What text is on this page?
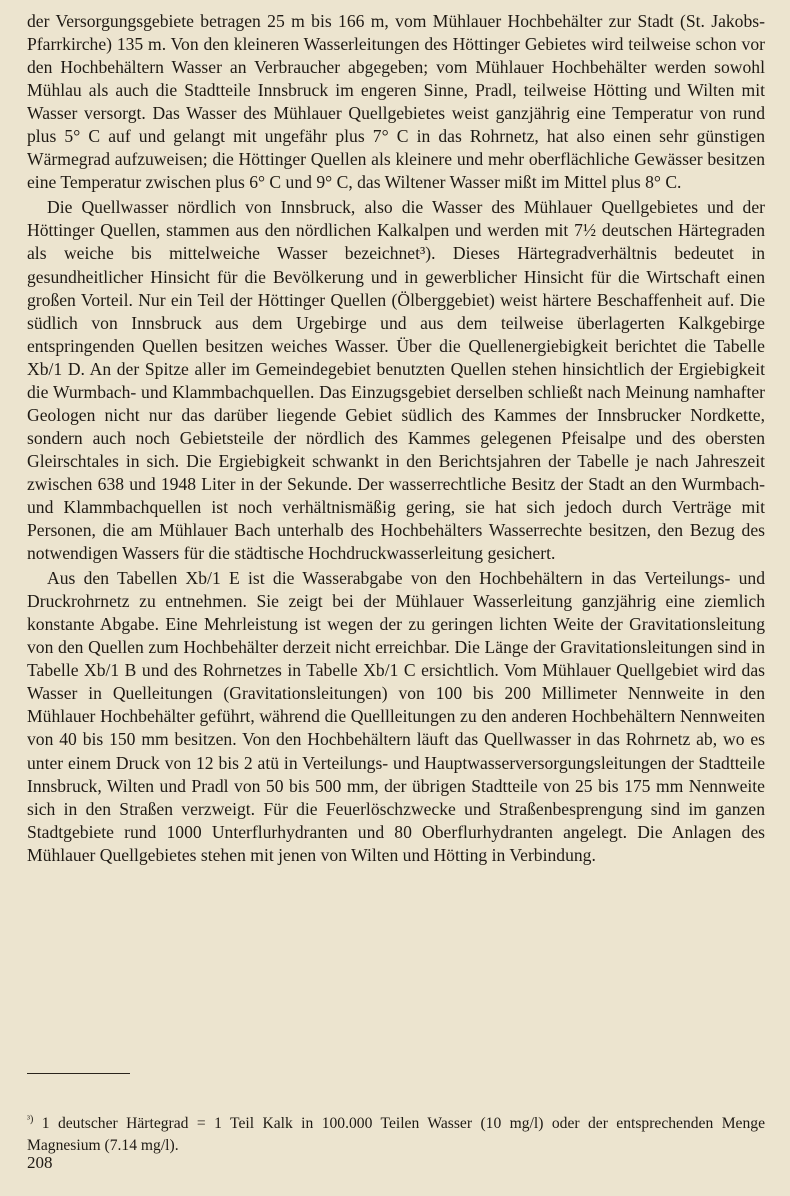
der Versorgungsgebiete betragen 25 m bis 166 m, vom Mühlauer Hochbehälter zur Stadt (St. Jakobs-Pfarrkirche) 135 m. Von den kleineren Wasserleitungen des Höttinger Gebietes wird teilweise schon vor den Hochbehältern Wasser an Verbraucher abgegeben; vom Mühlauer Hochbehälter werden sowohl Mühlau als auch die Stadtteile Innsbruck im engeren Sinne, Pradl, teilweise Hötting und Wilten mit Wasser versorgt. Das Wasser des Mühlauer Quellgebietes weist ganzjährig eine Temperatur von rund plus 5° C auf und gelangt mit ungefähr plus 7° C in das Rohrnetz, hat also einen sehr günstigen Wärmegrad aufzuweisen; die Höttinger Quellen als kleinere und mehr oberflächliche Gewässer besitzen eine Temperatur zwischen plus 6° C und 9° C, das Wiltener Wasser mißt im Mittel plus 8° C.

Die Quellwasser nördlich von Innsbruck, also die Wasser des Mühlauer Quellgebietes und der Höttinger Quellen, stammen aus den nördlichen Kalkalpen und werden mit 7½ deutschen Härtegraden als weiche bis mittelweiche Wasser bezeichnet³). Dieses Härtegradverhältnis bedeutet in gesundheitlicher Hinsicht für die Bevölkerung und in gewerblicher Hinsicht für die Wirtschaft einen großen Vorteil. Nur ein Teil der Höttinger Quellen (Ölberggebiet) weist härtere Beschaffenheit auf. Die südlich von Innsbruck aus dem Urgebirge und aus dem teilweise überlagerten Kalkgebirge entspringenden Quellen besitzen weiches Wasser. Über die Quellenergiebigkeit berichtet die Tabelle Xb/1 D. An der Spitze aller im Gemeindegebiet benutzten Quellen stehen hinsichtlich der Ergiebigkeit die Wurmbach- und Klammbachquellen. Das Einzugsgebiet derselben schließt nach Meinung namhafter Geologen nicht nur das darüber liegende Gebiet südlich des Kammes der Innsbrucker Nordkette, sondern auch noch Gebietsteile der nördlich des Kammes gelegenen Pfeisalpe und des obersten Gleirschtales in sich. Die Ergiebigkeit schwankt in den Berichtsjahren der Tabelle je nach Jahreszeit zwischen 638 und 1948 Liter in der Sekunde. Der wasserrechtliche Besitz der Stadt an den Wurmbach- und Klammbachquellen ist noch verhältnismäßig gering, sie hat sich jedoch durch Verträge mit Personen, die am Mühlauer Bach unterhalb des Hochbehälters Wasserrechte besitzen, den Bezug des notwendigen Wassers für die städtische Hochdruckwasserleitung gesichert.

Aus den Tabellen Xb/1 E ist die Wasserabgabe von den Hochbehältern in das Verteilungs- und Druckrohrnetz zu entnehmen. Sie zeigt bei der Mühlauer Wasserleitung ganzjährig eine ziemlich konstante Abgabe. Eine Mehrleistung ist wegen der zu geringen lichten Weite der Gravitationsleitung von den Quellen zum Hochbehälter derzeit nicht erreichbar. Die Länge der Gravitationsleitungen sind in Tabelle Xb/1 B und des Rohrnetzes in Tabelle Xb/1 C ersichtlich. Vom Mühlauer Quellgebiet wird das Wasser in Quelleitungen (Gravitationsleitungen) von 100 bis 200 Millimeter Nennweite in den Mühlauer Hochbehälter geführt, während die Quellleitungen zu den anderen Hochbehältern Nennweiten von 40 bis 150 mm besitzen. Von den Hochbehältern läuft das Quellwasser in das Rohrnetz ab, wo es unter einem Druck von 12 bis 2 atü in Verteilungs- und Hauptwasserversorgungsleitungen der Stadtteile Innsbruck, Wilten und Pradl von 50 bis 500 mm, der übrigen Stadtteile von 25 bis 175 mm Nennweite sich in den Straßen verzweigt. Für die Feuerlöschzwecke und Straßenbesprengung sind im ganzen Stadtgebiete rund 1000 Unterflurhydranten und 80 Oberflurhydranten angelegt. Die Anlagen des Mühlauer Quellgebietes stehen mit jenen von Wilten und Hötting in Verbindung.

$^{^3)}$ 1 deutscher Härtegrad = 1 Teil Kalk in 100.000 Teilen Wasser (10 mg/l) oder der entsprechenden Menge Magnesium (7.14 mg/l).

208
